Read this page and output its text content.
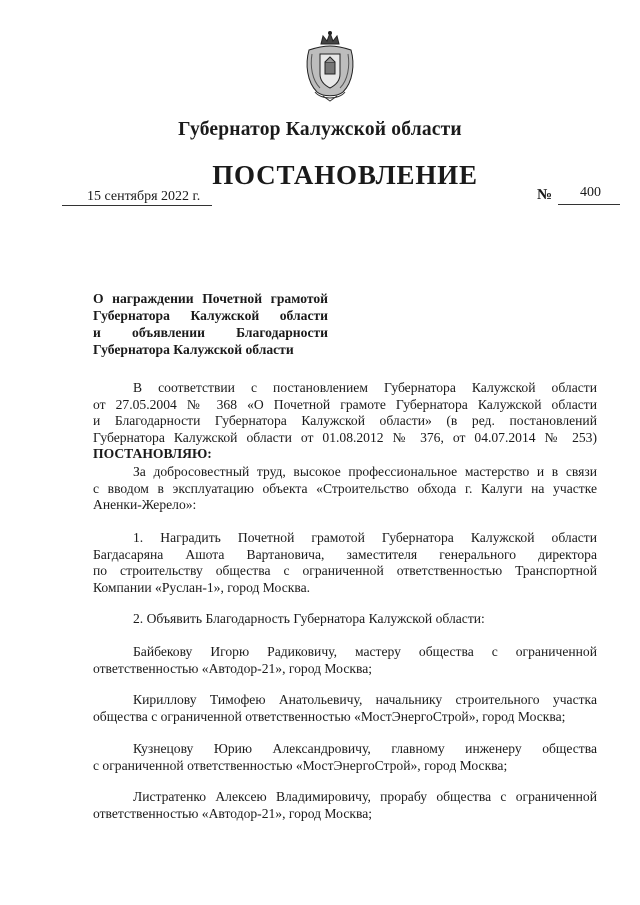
Губернатор Калужской области
ПОСТАНОВЛЕНИЕ
15 сентября 2022 г.	№ 400
О награждении Почетной грамотой
Губернатора Калужской области
и объявлении Благодарности
Губернатора Калужской области
В соответствии с постановлением Губернатора Калужской области
от 27.05.2004 № 368 «О Почетной грамоте Губернатора Калужской области
и Благодарности Губернатора Калужской области» (в ред. постановлений
Губернатора Калужской области от 01.08.2012 № 376, от 04.07.2014 № 253)
ПОСТАНОВЛЯЮ:
За добросовестный труд, высокое профессиональное мастерство и в связи
с вводом в эксплуатацию объекта «Строительство обхода г. Калуги на участке
Аненки-Жерело»:
1. Наградить Почетной грамотой Губернатора Калужской области
Багдасаряна Ашота Вартановича, заместителя генерального директора
по строительству общества с ограниченной ответственностью Транспортной
Компании «Руслан-1», город Москва.
2. Объявить Благодарность Губернатора Калужской области:
Байбекову Игорю Радиковичу, мастеру общества с ограниченной
ответственностью «Автодор-21», город Москва;
Кириллову Тимофею Анатольевичу, начальнику строительного участка
общества с ограниченной ответственностью «МостЭнергоСтрой», город Москва;
Кузнецову Юрию Александровичу, главному инженеру общества
с ограниченной ответственностью «МостЭнергоСтрой», город Москва;
Листратенко Алексею Владимировичу, прорабу общества с ограниченной
ответственностью «Автодор-21», город Москва;
